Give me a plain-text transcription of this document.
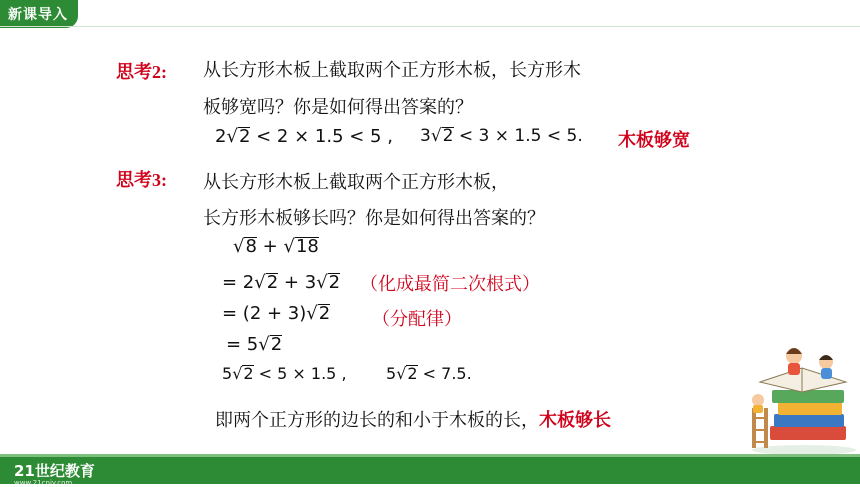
新课导入
思考2: 从长方形木板上截取两个正方形木板，长方形木
板够宽吗？你是如何得出答案的？
2√2 < 2 × 1.5 < 5 , 3√2 < 3 × 1.5 < 5. 木板够宽
思考3: 从长方形木板上截取两个正方形木板，
长方形木板够长吗？你是如何得出答案的？
√8 + √18
= 2√2 + 3√2 （化成最简二次根式）
= (2 + 3)√2 （分配律）
= 5√2
5√2 < 5 × 1.5 , 5√2 < 7.5.
即两个正方形的边长的和小于木板的长，木板够长
21世纪教育
www.21cnjy.com
